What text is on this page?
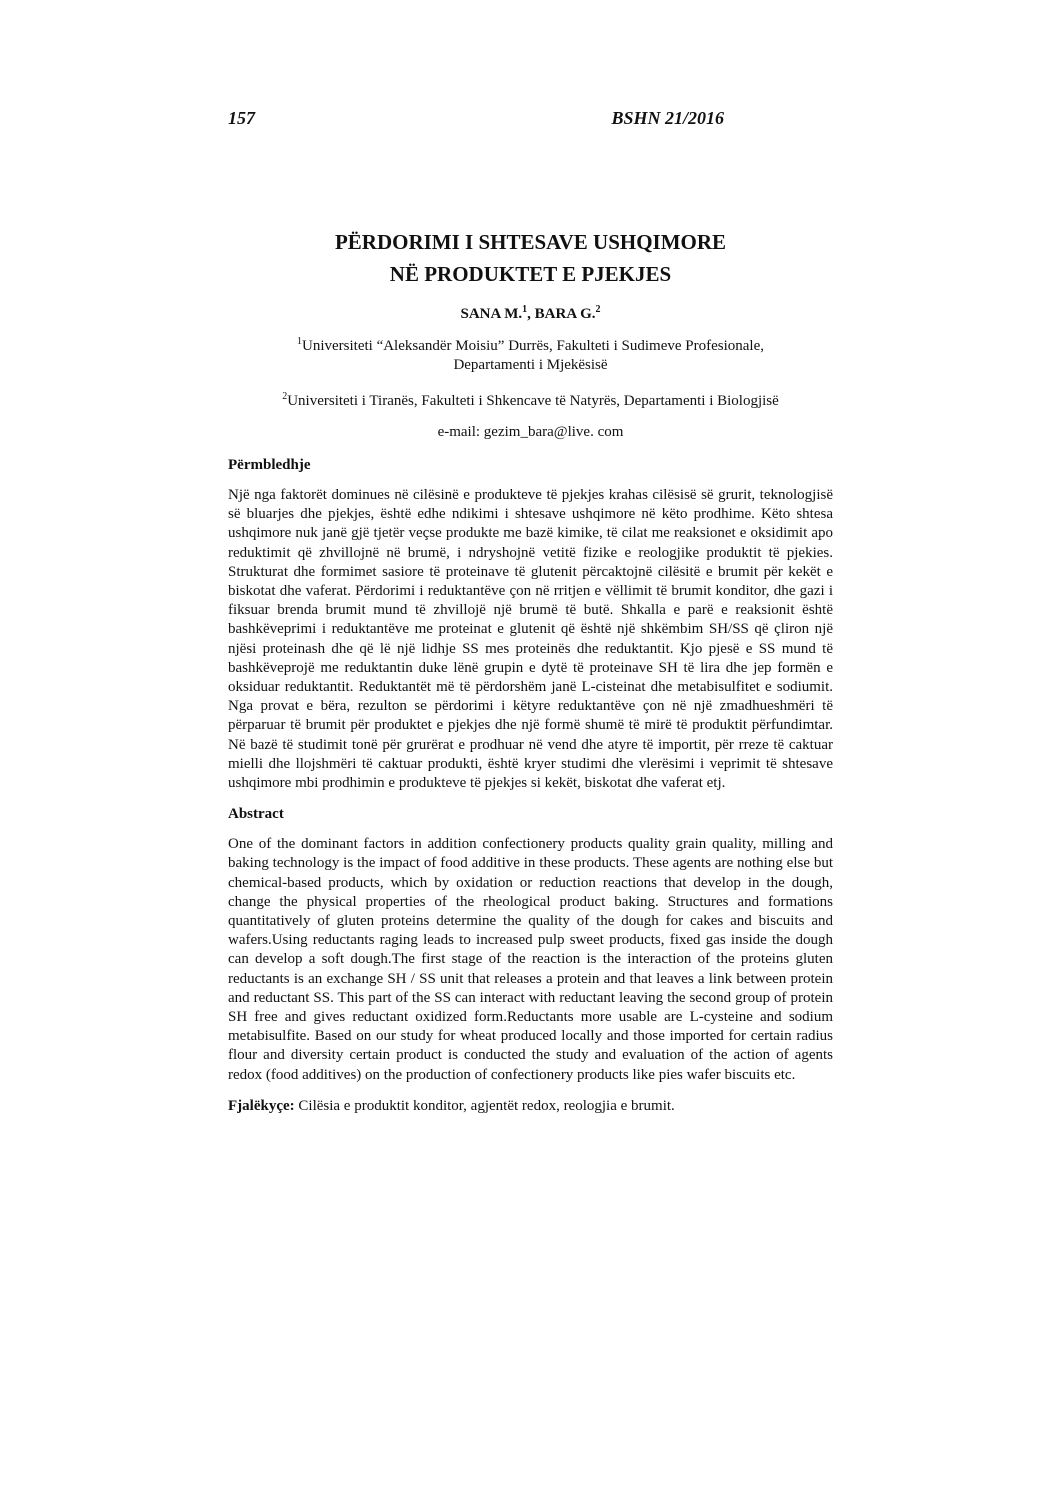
157	BSHN 21/2016
PËRDORIMI I SHTESAVE USHQIMORE
NË PRODUKTET E PJEKJES
SANA M.$^1$, BARA G.$^2$
$^1$Universiteti “Aleksandër Moisiu” Durrës, Fakulteti i Sudimeve Profesionale,
Departamenti i Mjekësisë
$^2$Universiteti i Tiranës, Fakulteti i Shkencave të Natyrës, Departamenti i Biologjisë
e-mail: gezim_bara@live. com
Përmbledhje
Një nga faktorët dominues në cilësinë e produkteve të pjekjes krahas cilësisë së grurit, teknologjisë së bluarjes dhe pjekjes, është edhe ndikimi i shtesave ushqimore në këto prodhime. Këto shtesa ushqimore nuk janë gjë tjetër veçse produkte me bazë kimike, të cilat me reaksionet e oksidimit apo reduktimit që zhvillojnë në brumë, i ndryshojnë vetitë fizike e reologjike produktit të pjekies. Strukturat dhe formimet sasiore të proteinave të glutenit përcaktojnë cilësitë e brumit për kekët e biskotat dhe vaferat. Përdorimi i reduktantëve çon në rritjen e vëllimit të brumit konditor, dhe gazi i fiksuar brenda brumit mund të zhvillojë një brumë të butë. Shkalla e parë e reaksionit është bashkëveprimi i reduktantëve me proteinat e glutenit që është një shkëmbim SH/SS që çliron një njësi proteinash dhe që lë një lidhje SS mes proteinës dhe reduktantit. Kjo pjesë e SS mund të bashkëveprojë me reduktantin duke lënë grupin e dytë të proteinave SH të lira dhe jep formën e oksiduar reduktantit. Reduktantët më të përdorshëm janë L-cisteinat dhe metabisulfitet e sodiumit. Nga provat e bëra, rezulton se përdorimi i këtyre reduktantëve çon në një zmadhueshmëri të përparuar të brumit për produktet e pjekjes dhe një formë shumë të mirë të produktit përfundimtar. Në bazë të studimit tonë për grurërat e prodhuar në vend dhe atyre të importit, për rreze të caktuar mielli dhe llojshmëri të caktuar produkti, është kryer studimi dhe vlerësimi i veprimit të shtesave ushqimore mbi prodhimin e produkteve të pjekjes si kekët, biskotat dhe vaferat etj.
Abstract
One of the dominant factors in addition confectionery products quality grain quality, milling and baking technology is the impact of food additive in these products. These agents are nothing else but chemical-based products, which by oxidation or reduction reactions that develop in the dough, change the physical properties of the rheological product baking. Structures and formations quantitatively of gluten proteins determine the quality of the dough for cakes and biscuits and wafers.Using reductants raging leads to increased pulp sweet products, fixed gas inside the dough can develop a soft dough.The first stage of the reaction is the interaction of the proteins gluten reductants is an exchange SH / SS unit that releases a protein and that leaves a link between protein and reductant SS. This part of the SS can interact with reductant leaving the second group of protein SH free and gives reductant oxidized form.Reductants more usable are L-cysteine and sodium metabisulfite. Based on our study for wheat produced locally and those imported for certain radius flour and diversity certain product is conducted the study and evaluation of the action of agents redox (food additives) on the production of confectionery products like pies wafer biscuits etc.
Fjalëkyçe: Cilësia e produktit konditor, agjentët redox, reologjia e brumit.
